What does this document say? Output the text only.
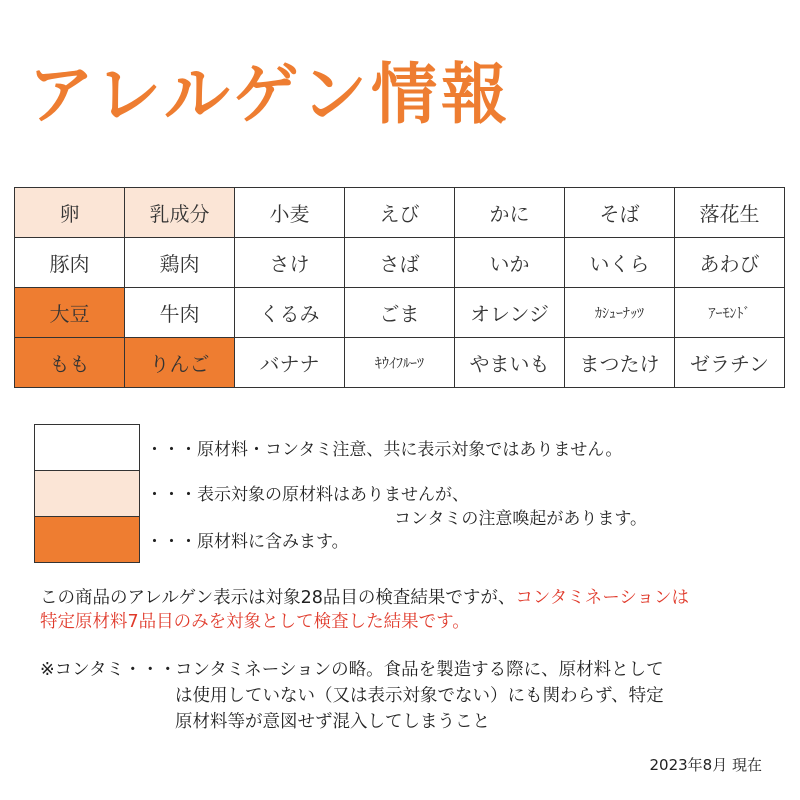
アレルゲン情報
卵	乳成分	小麦	えび	かに	そば	落花生
豚肉	鶏肉	さけ	さば	いか	いくら	あわび
大豆	牛肉	くるみ	ごま	オレンジ	ｶｼｭｰﾅｯﾂ	ｱｰﾓﾝﾄﾞ
もも	りんご	バナナ	ｷｳｲﾌﾙｰﾂ	やまいも	まつたけ	ゼラチン
・・・原材料・コンタミ注意、共に表示対象ではありません。
・・・表示対象の原材料はありませんが、
コンタミの注意喚起があります。
・・・原材料に含みます。
この商品のアレルゲン表示は対象28品目の検査結果ですが、コンタミネーションは
特定原材料7品目のみを対象として検査した結果です。
※コンタミ・・・
コンタミネーションの略。食品を製造する際に、原材料として
は使用していない（又は表示対象でない）にも関わらず、特定
原材料等が意図せず混入してしまうこと
2023年8月 現在
